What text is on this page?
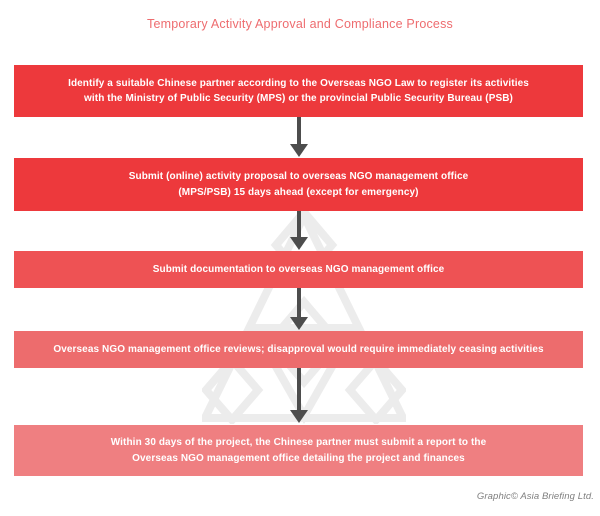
Temporary Activity Approval and Compliance Process
Identify a suitable Chinese partner according to the Overseas NGO Law to register its activities
with the Ministry of Public Security (MPS) or the provincial Public Security Bureau (PSB)
Submit (online) activity proposal to overseas NGO management office
(MPS/PSB) 15 days ahead (except for emergency)
Submit documentation to overseas NGO management office
Overseas NGO management office reviews; disapproval would require immediately ceasing activities
Within 30 days of the project, the Chinese partner must submit a report to the
Overseas NGO management office detailing the project and finances
Graphic© Asia Briefing Ltd.
